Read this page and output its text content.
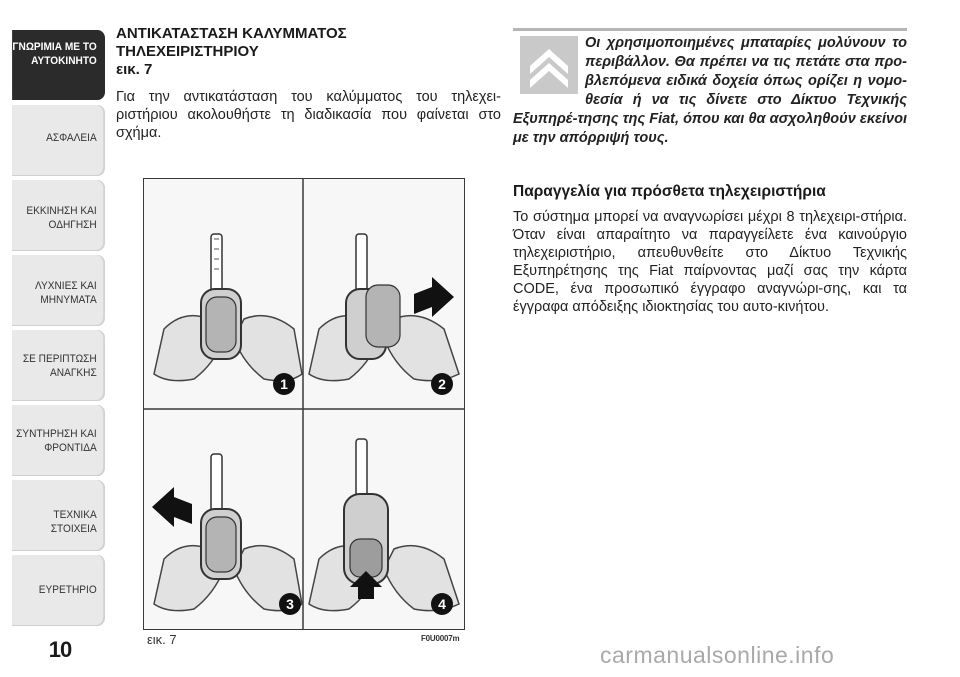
ΓΝΩΡΙΜΙΑ ΜΕ ΤΟ
ΑΥΤΟΚΙΝΗΤΟ
ΑΣΦΑΛΕΙΑ
ΕΚΚΙΝΗΣΗ ΚΑΙ
ΟΔΗΓΗΣΗ
ΛΥΧΝΙΕΣ ΚΑΙ
ΜΗΝΥΜΑΤΑ
ΣΕ ΠΕΡΙΠΤΩΣΗ
ΑΝΑΓΚΗΣ
ΣΥΝΤΗΡΗΣΗ ΚΑΙ
ΦΡΟΝΤΙΔΑ
ΤΕΧΝΙΚΑ ΣΤΟΙΧΕΙΑ
ΕΥΡΕΤΗΡΙΟ
10
ΑΝΤΙΚΑΤΑΣΤΑΣΗ ΚΑΛΥΜΜΑΤΟΣ
ΤΗΛΕΧΕΙΡΙΣΤΗΡΙΟΥ
εικ. 7
Για την αντικατάσταση του καλύμματος του τηλεχει-ριστήριου ακολουθήστε τη διαδικασία που φαίνεται στο σχήμα.
1	2
3	4
εικ. 7	F0U0007m
Οι χρησιμοποιημένες μπαταρίες μολύνουν το περιβάλλον. Θα πρέπει να τις πετάτε στα προ-βλεπόμενα ειδικά δοχεία όπως ορίζει η νομο-θεσία ή να τις δίνετε στο Δίκτυο Τεχνικής Εξυπηρέ-τησης της Fiat, όπου και θα ασχοληθούν εκείνοι με την απόρριψή τους.
Παραγγελία για πρόσθετα τηλεχειριστήρια
Το σύστημα μπορεί να αναγνωρίσει μέχρι 8 τηλεχειρι-στήρια. Όταν είναι απαραίτητο να παραγγείλετε ένα καινούργιο τηλεχειριστήριο, απευθυνθείτε στο Δίκτυο Τεχνικής Εξυπηρέτησης της Fiat παίρνοντας μαζί σας την κάρτα CODE, ένα προσωπικό έγγραφο αναγνώρι-σης, και τα έγγραφα απόδειξης ιδιοκτησίας του αυτο-κινήτου.
carmanualsonline.info
